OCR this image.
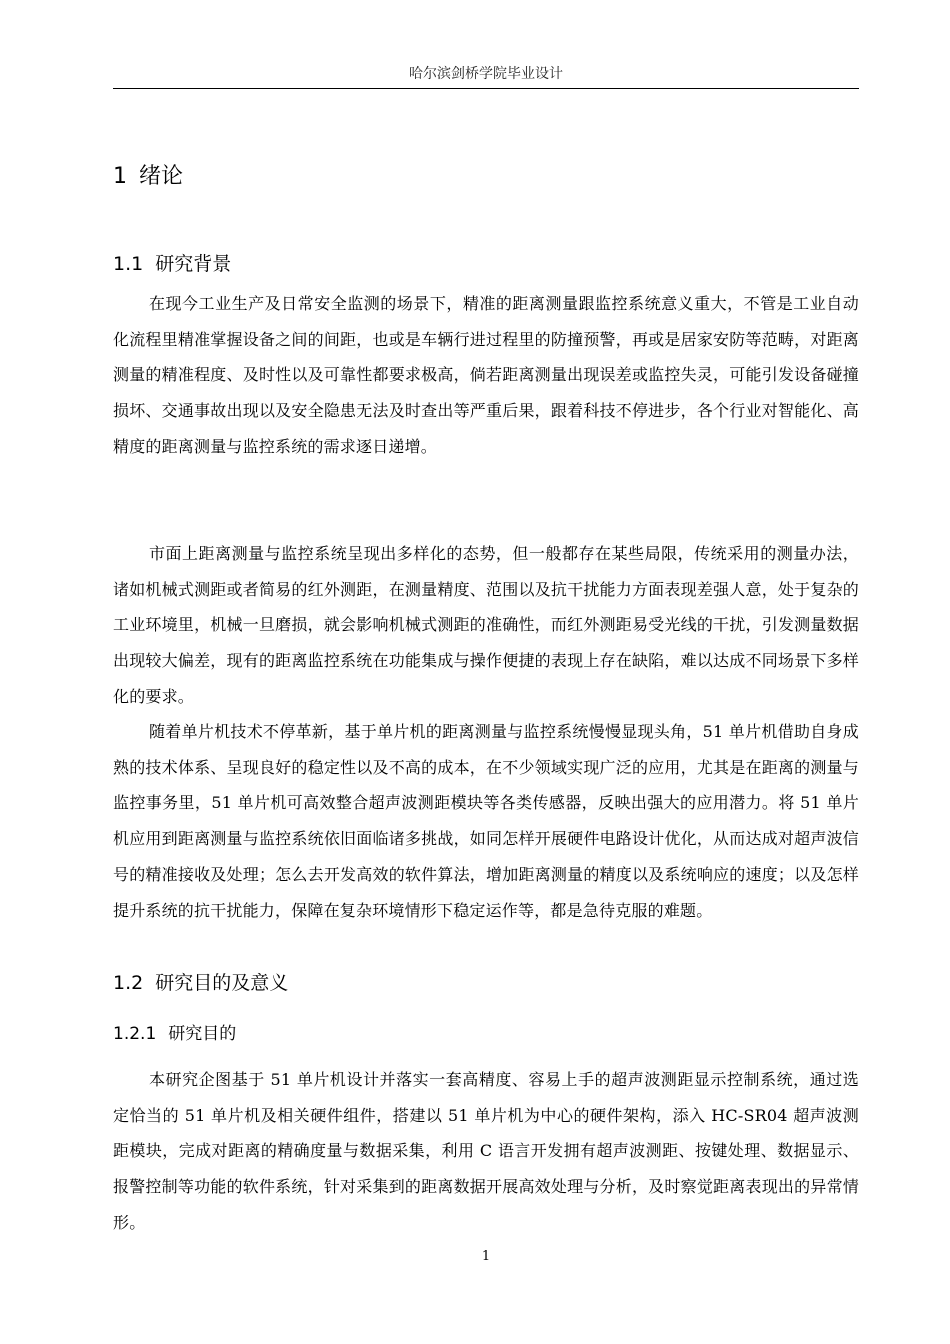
哈尔滨剑桥学院毕业设计
1 绪论
1.1 研究背景

在现今工业生产及日常安全监测的场景下，精准的距离测量跟监控系统意义重大，不管是工业自动化流程里精准掌握设备之间的间距，也或是车辆行进过程里的防撞预警，再或是居家安防等范畴，对距离测量的精准程度、及时性以及可靠性都要求极高，倘若距离测量出现误差或监控失灵，可能引发设备碰撞损坏、交通事故出现以及安全隐患无法及时查出等严重后果，跟着科技不停进步，各个行业对智能化、高精度的距离测量与监控系统的需求逐日递增。

市面上距离测量与监控系统呈现出多样化的态势，但一般都存在某些局限，传统采用的测量办法，诸如机械式测距或者简易的红外测距，在测量精度、范围以及抗干扰能力方面表现差强人意，处于复杂的工业环境里，机械一旦磨损，就会影响机械式测距的准确性，而红外测距易受光线的干扰，引发测量数据出现较大偏差，现有的距离监控系统在功能集成与操作便捷的表现上存在缺陷，难以达成不同场景下多样化的要求。

随着单片机技术不停革新，基于单片机的距离测量与监控系统慢慢显现头角，51 单片机借助自身成熟的技术体系、呈现良好的稳定性以及不高的成本，在不少领域实现广泛的应用，尤其是在距离的测量与监控事务里，51 单片机可高效整合超声波测距模块等各类传感器，反映出强大的应用潜力。将 51 单片机应用到距离测量与监控系统依旧面临诸多挑战，如同怎样开展硬件电路设计优化，从而达成对超声波信号的精准接收及处理；怎么去开发高效的软件算法，增加距离测量的精度以及系统响应的速度；以及怎样提升系统的抗干扰能力，保障在复杂环境情形下稳定运作等，都是急待克服的难题。

1.2 研究目的及意义
1.2.1 研究目的

本研究企图基于 51 单片机设计并落实一套高精度、容易上手的超声波测距显示控制系统，通过选定恰当的 51 单片机及相关硬件组件，搭建以 51 单片机为中心的硬件架构，添入 HC-SR04 超声波测距模块，完成对距离的精确度量与数据采集，利用 C 语言开发拥有超声波测距、按键处理、数据显示、报警控制等功能的软件系统，针对采集到的距离数据开展高效处理与分析，及时察觉距离表现出的异常情形。

1
